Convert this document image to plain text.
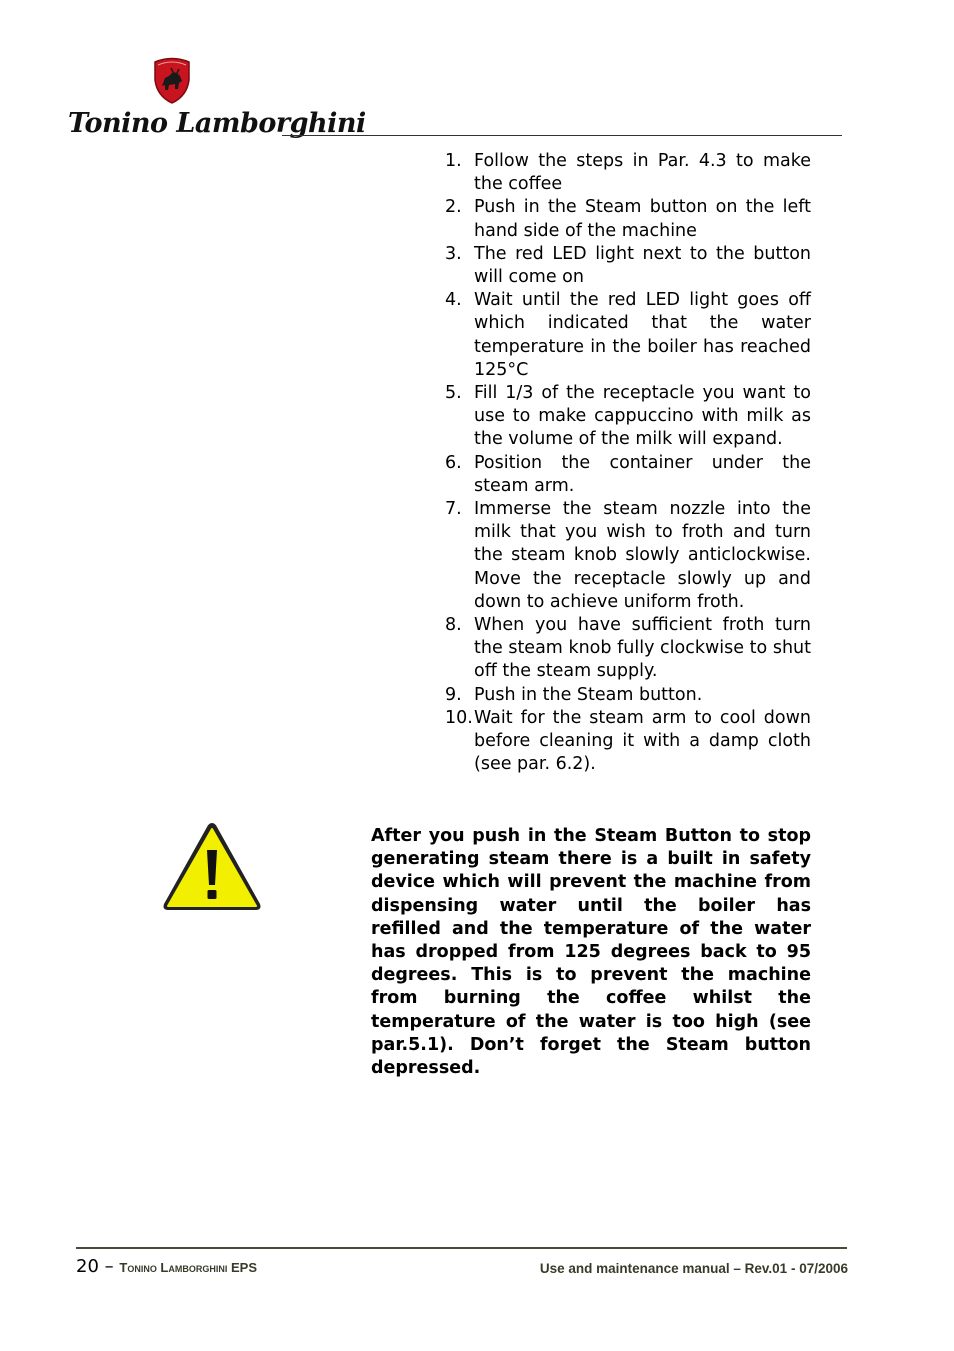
Tonino Lamborghini
1. Follow the steps in Par. 4.3 to make the coffee
2. Push in the Steam button on the left hand side of the machine
3. The red LED light next to the button will come on
4. Wait until the red LED light goes off which indicated that the water temperature in the boiler has reached 125°C
5. Fill 1/3 of the receptacle you want to use to make cappuccino with milk as the volume of the milk will expand.
6. Position the container under the steam arm.
7. Immerse the steam nozzle into the milk that you wish to froth and turn the steam knob slowly anticlockwise. Move the receptacle slowly up and down to achieve uniform froth.
8. When you have sufficient froth turn the steam knob fully clockwise to shut off the steam supply.
9. Push in the Steam button.
10. Wait for the steam arm to cool down before cleaning it with a damp cloth (see par. 6.2).
After you push in the Steam Button to stop generating steam there is a built in safety device which will prevent the machine from dispensing water until the boiler has refilled and the temperature of the water has dropped from 125 degrees back to 95 degrees. This is to prevent the machine from burning the coffee whilst the temperature of the water is too high (see par.5.1). Don’t forget the Steam button depressed.
20 – Tonino Lamborghini EPS	Use and maintenance manual – Rev.01 - 07/2006
